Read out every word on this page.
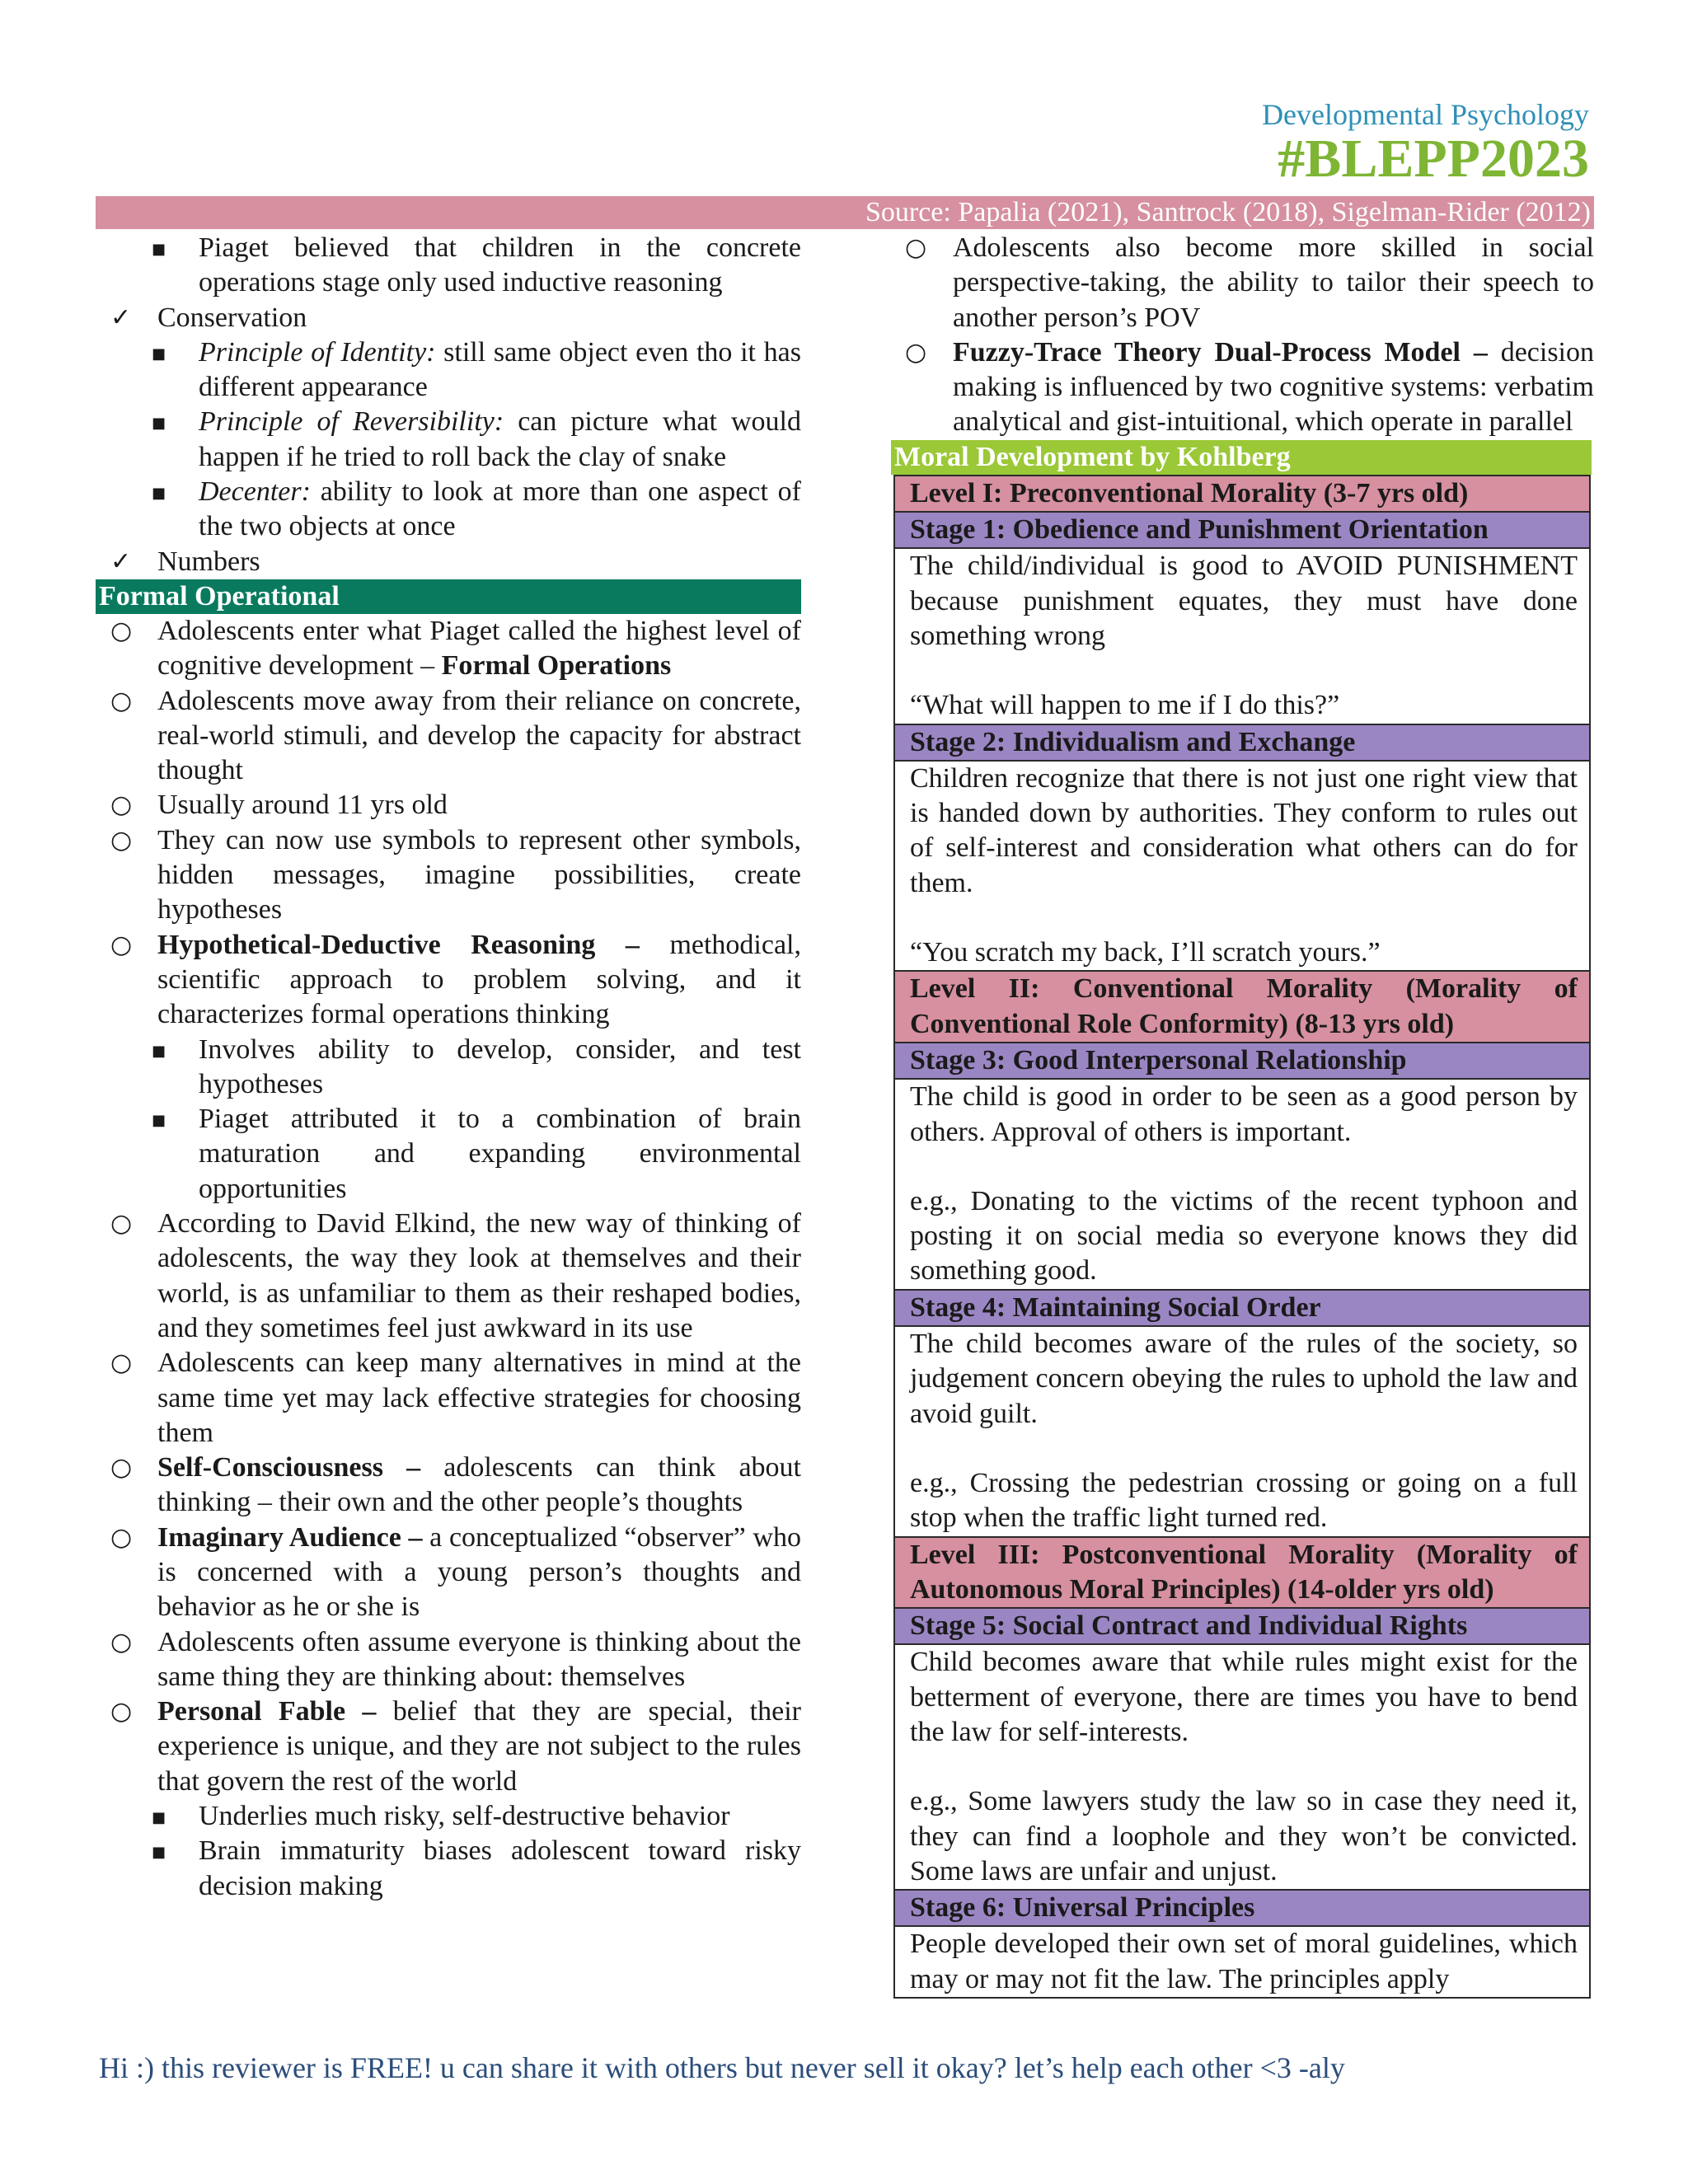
Developmental Psychology
#BLEPP2023
Source: Papalia (2021), Santrock (2018), Sigelman-Rider (2012)
■ Piaget believed that children in the concrete operations stage only used inductive reasoning
✓ Conservation
■ Principle of Identity: still same object even tho it has different appearance
■ Principle of Reversibility: can picture what would happen if he tried to roll back the clay of snake
■ Decenter: ability to look at more than one aspect of the two objects at once
✓ Numbers
Formal Operational
○ Adolescents enter what Piaget called the highest level of cognitive development – Formal Operations
○ Adolescents move away from their reliance on concrete, real-world stimuli, and develop the capacity for abstract thought
○ Usually around 11 yrs old
○ They can now use symbols to represent other symbols, hidden messages, imagine possibilities, create hypotheses
○ Hypothetical-Deductive Reasoning – methodical, scientific approach to problem solving, and it characterizes formal operations thinking
■ Involves ability to develop, consider, and test hypotheses
■ Piaget attributed it to a combination of brain maturation and expanding environmental opportunities
○ According to David Elkind, the new way of thinking of adolescents, the way they look at themselves and their world, is as unfamiliar to them as their reshaped bodies, and they sometimes feel just awkward in its use
○ Adolescents can keep many alternatives in mind at the same time yet may lack effective strategies for choosing them
○ Self-Consciousness – adolescents can think about thinking – their own and the other people’s thoughts
○ Imaginary Audience – a conceptualized “observer” who is concerned with a young person’s thoughts and behavior as he or she is
○ Adolescents often assume everyone is thinking about the same thing they are thinking about: themselves
○ Personal Fable – belief that they are special, their experience is unique, and they are not subject to the rules that govern the rest of the world
■ Underlies much risky, self-destructive behavior
■ Brain immaturity biases adolescent toward risky decision making
○ Adolescents also become more skilled in social perspective-taking, the ability to tailor their speech to another person’s POV
○ Fuzzy-Trace Theory Dual-Process Model – decision making is influenced by two cognitive systems: verbatim analytical and gist-intuitional, which operate in parallel
Moral Development by Kohlberg
Level I: Preconventional Morality (3-7 yrs old)
Stage 1: Obedience and Punishment Orientation
The child/individual is good to AVOID PUNISHMENT because punishment equates, they must have done something wrong
“What will happen to me if I do this?”
Stage 2: Individualism and Exchange
Children recognize that there is not just one right view that is handed down by authorities. They conform to rules out of self-interest and consideration what others can do for them.
“You scratch my back, I’ll scratch yours.”
Level II: Conventional Morality (Morality of Conventional Role Conformity) (8-13 yrs old)
Stage 3: Good Interpersonal Relationship
The child is good in order to be seen as a good person by others. Approval of others is important.
e.g., Donating to the victims of the recent typhoon and posting it on social media so everyone knows they did something good.
Stage 4: Maintaining Social Order
The child becomes aware of the rules of the society, so judgement concern obeying the rules to uphold the law and avoid guilt.
e.g., Crossing the pedestrian crossing or going on a full stop when the traffic light turned red.
Level III: Postconventional Morality (Morality of Autonomous Moral Principles) (14-older yrs old)
Stage 5: Social Contract and Individual Rights
Child becomes aware that while rules might exist for the betterment of everyone, there are times you have to bend the law for self-interests.
e.g., Some lawyers study the law so in case they need it, they can find a loophole and they won’t be convicted. Some laws are unfair and unjust.
Stage 6: Universal Principles
People developed their own set of moral guidelines, which may or may not fit the law. The principles apply
Hi :) this reviewer is FREE! u can share it with others but never sell it okay? let’s help each other <3 -aly
